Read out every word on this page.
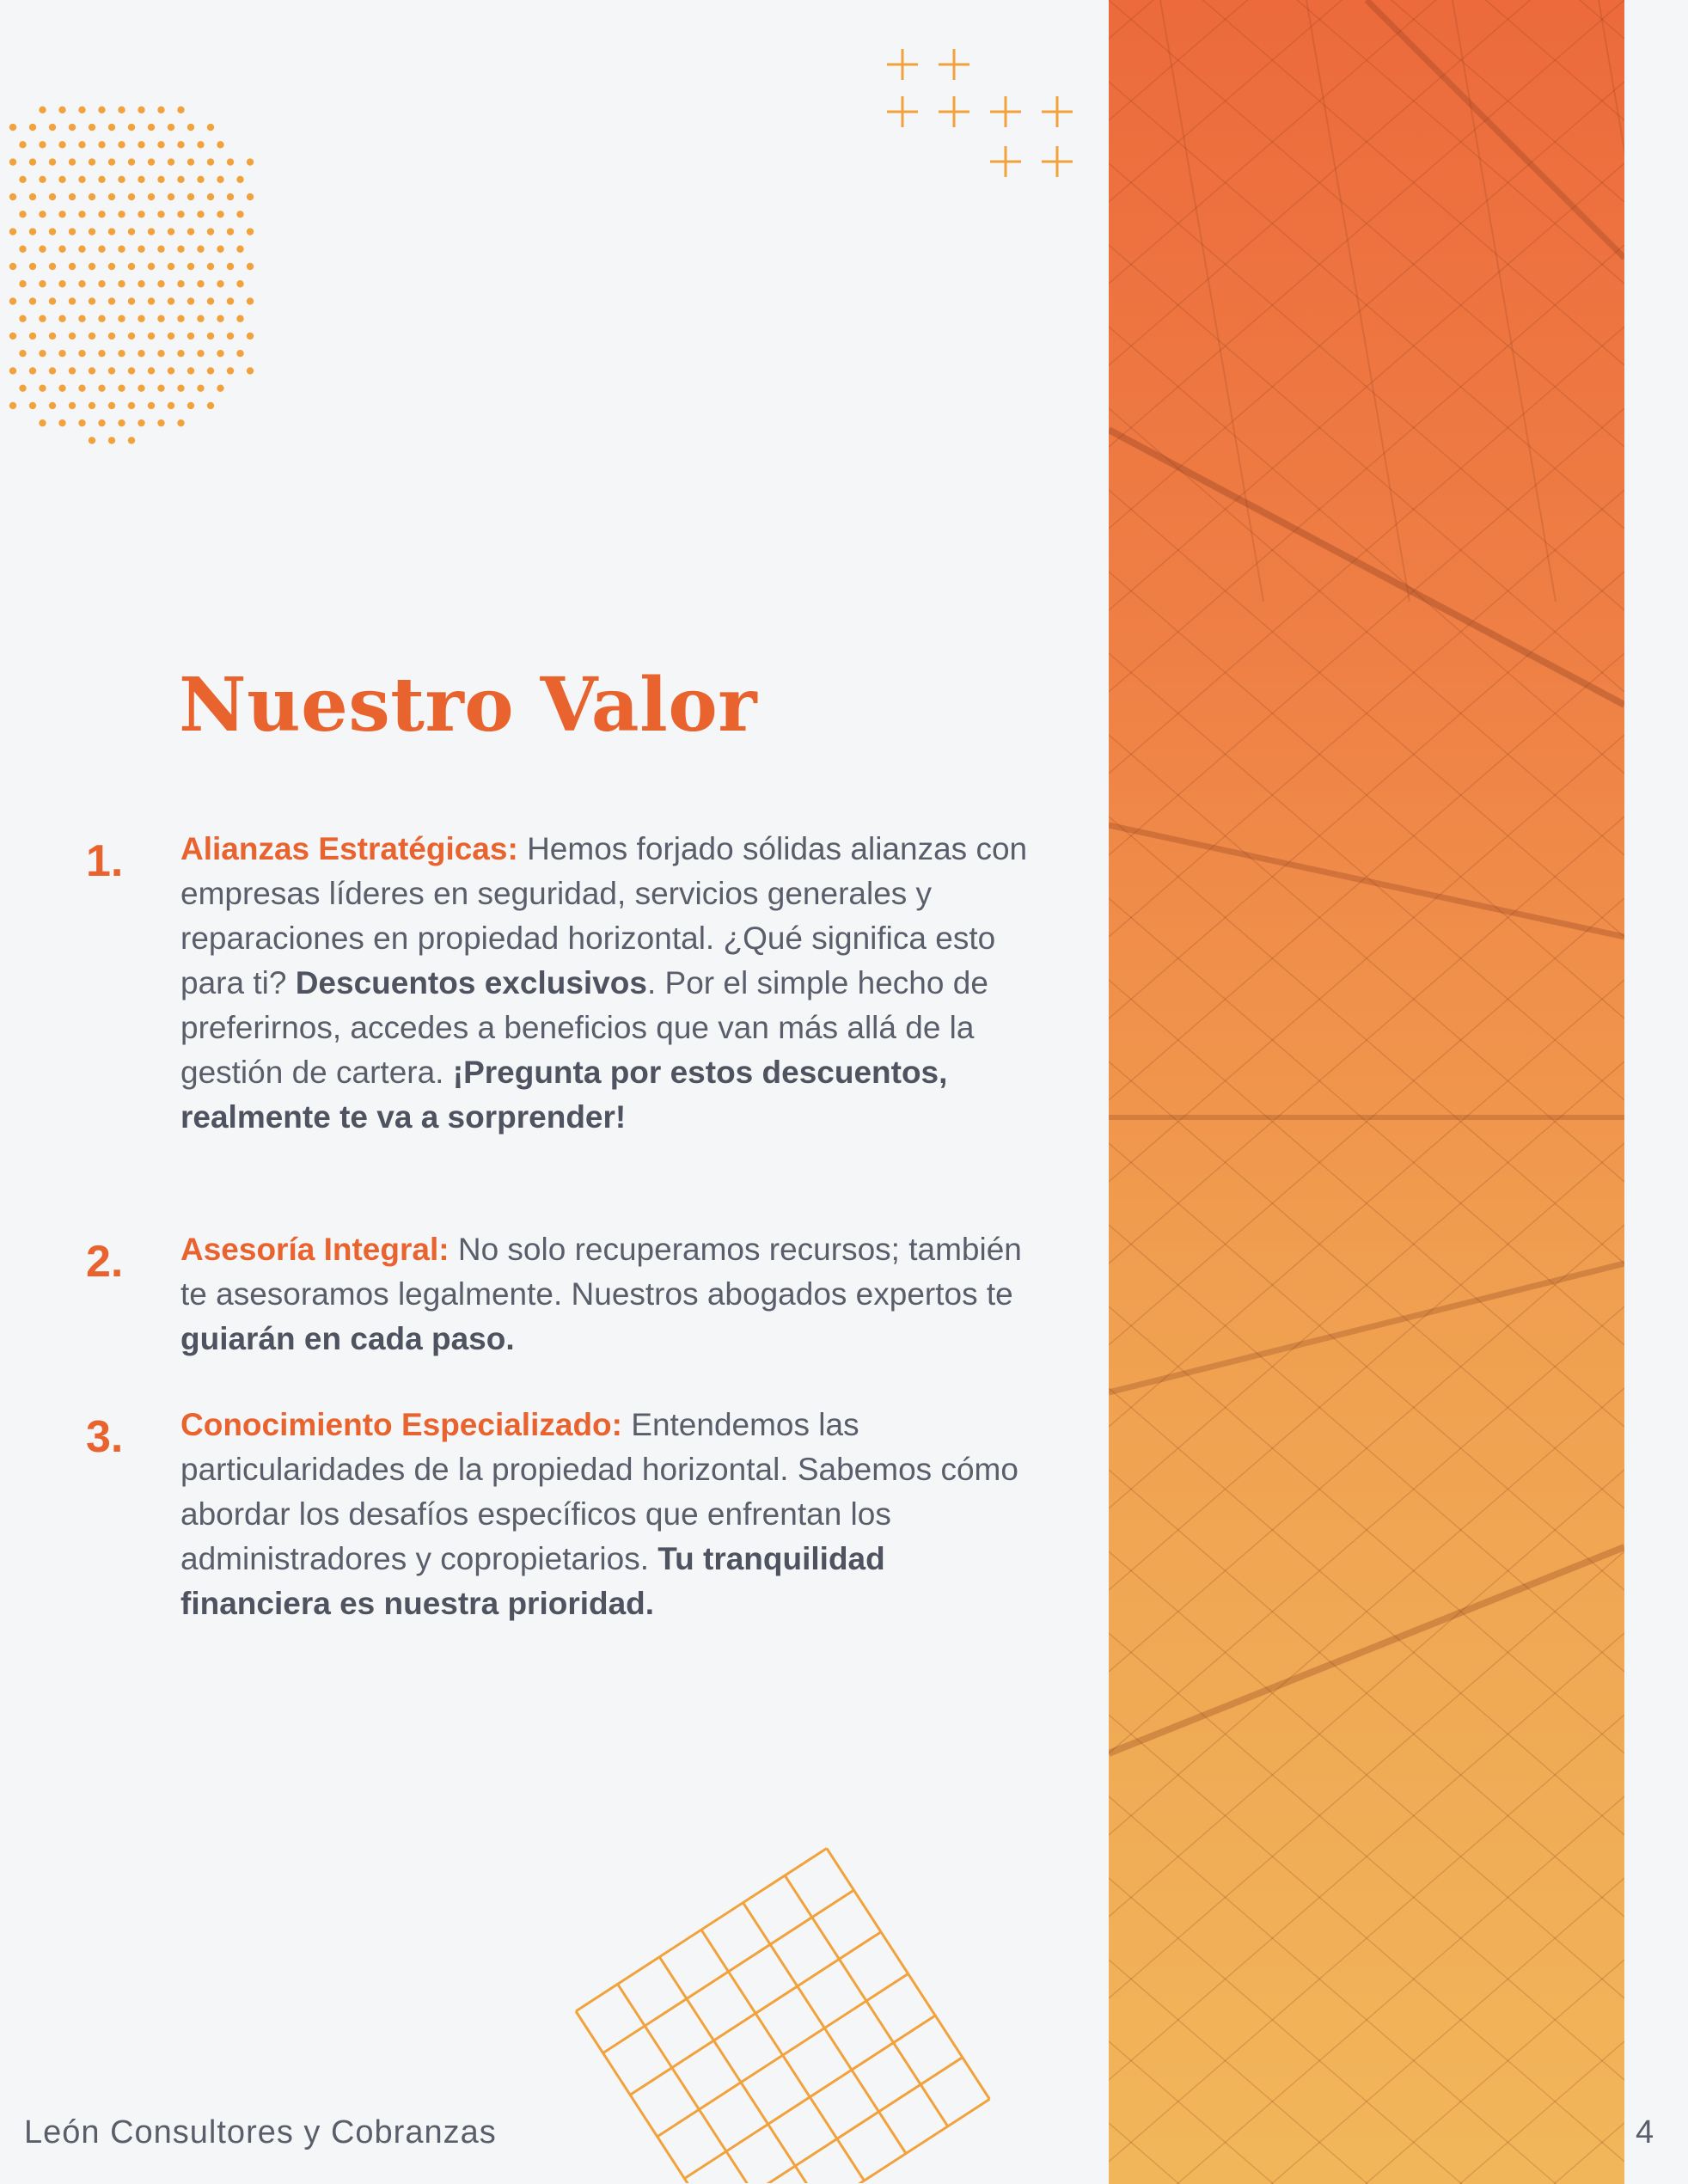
Nuestro Valor
1. Alianzas Estratégicas: Hemos forjado sólidas alianzas con empresas líderes en seguridad, servicios generales y reparaciones en propiedad horizontal. ¿Qué significa esto para ti? Descuentos exclusivos. Por el simple hecho de preferirnos, accedes a beneficios que van más allá de la gestión de cartera. ¡Pregunta por estos descuentos, realmente te va a sorprender!

2. Asesoría Integral: No solo recuperamos recursos; también te asesoramos legalmente. Nuestros abogados expertos te guiarán en cada paso.

3. Conocimiento Especializado: Entendemos las particularidades de la propiedad horizontal. Sabemos cómo abordar los desafíos específicos que enfrentan los administradores y copropietarios. Tu tranquilidad financiera es nuestra prioridad.

León Consultores y Cobranzas	4
